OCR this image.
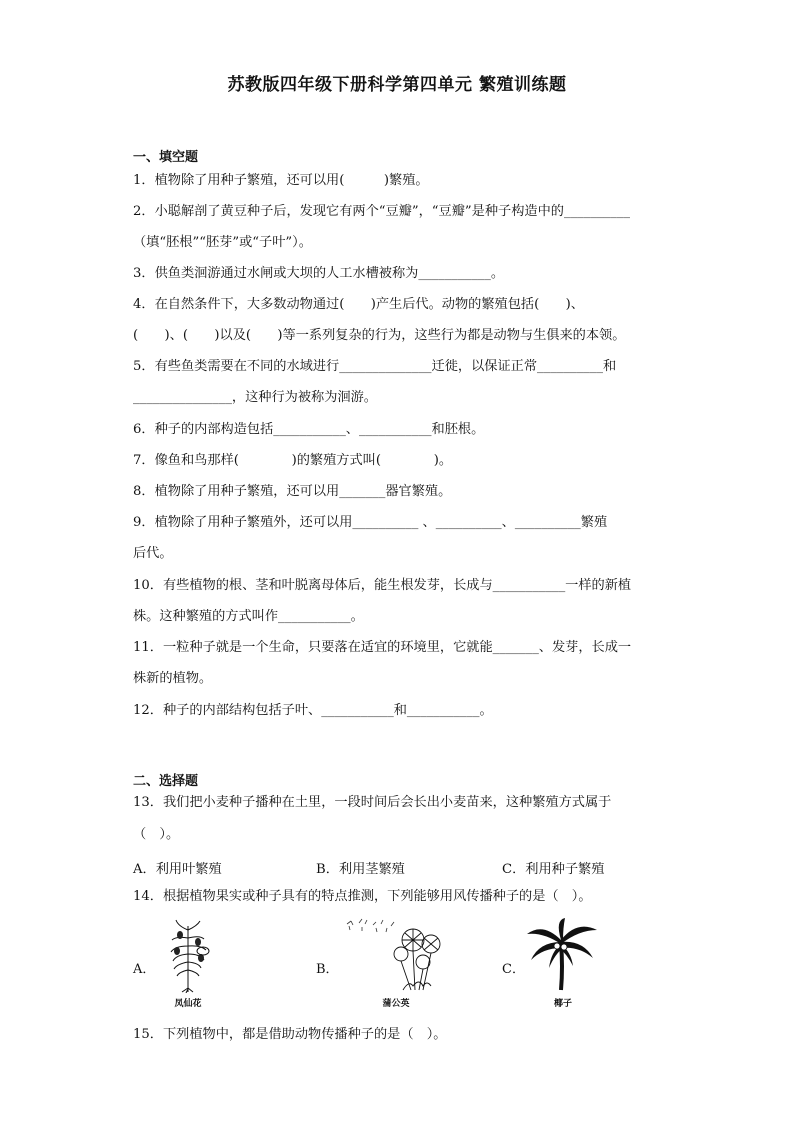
苏教版四年级下册科学第四单元 繁殖训练题
一、填空题
1．植物除了用种子繁殖，还可以用(　　　)繁殖。
2．小聪解剖了黄豆种子后，发现它有两个“豆瓣”，“豆瓣”是种子构造中的__________
（填“胚根”“胚芽”或“子叶”）。
3．供鱼类洄游通过水闸或大坝的人工水槽被称为___________。
4．在自然条件下，大多数动物通过(　　)产生后代。动物的繁殖包括(　　)、
(　　)、(　　)以及(　　)等一系列复杂的行为，这些行为都是动物与生俱来的本领。
5．有些鱼类需要在不同的水域进行______________迁徙，以保证正常__________和
_______________，这种行为被称为洄游。
6．种子的内部构造包括___________、___________和胚根。
7．像鱼和鸟那样(　　　　)的繁殖方式叫(　　　　)。
8．植物除了用种子繁殖，还可以用_______器官繁殖。
9．植物除了用种子繁殖外，还可以用__________ 、__________、__________繁殖
后代。
10．有些植物的根、茎和叶脱离母体后，能生根发芽，长成与___________一样的新植
株。这种繁殖的方式叫作___________。
11．一粒种子就是一个生命，只要落在适宜的环境里，它就能_______、发芽，长成一
株新的植物。
12．种子的内部结构包括子叶、___________和___________。
二、选择题
13．我们把小麦种子播种在土里，一段时间后会长出小麦苗来，这种繁殖方式属于
（　）。
A．利用叶繁殖	B．利用茎繁殖	C．利用种子繁殖
14．根据植物果实或种子具有的特点推测，下列能够用风传播种子的是（　）。
A．
凤仙花
B．
蒲公英
C．
椰子
15．下列植物中，都是借助动物传播种子的是（　）。
